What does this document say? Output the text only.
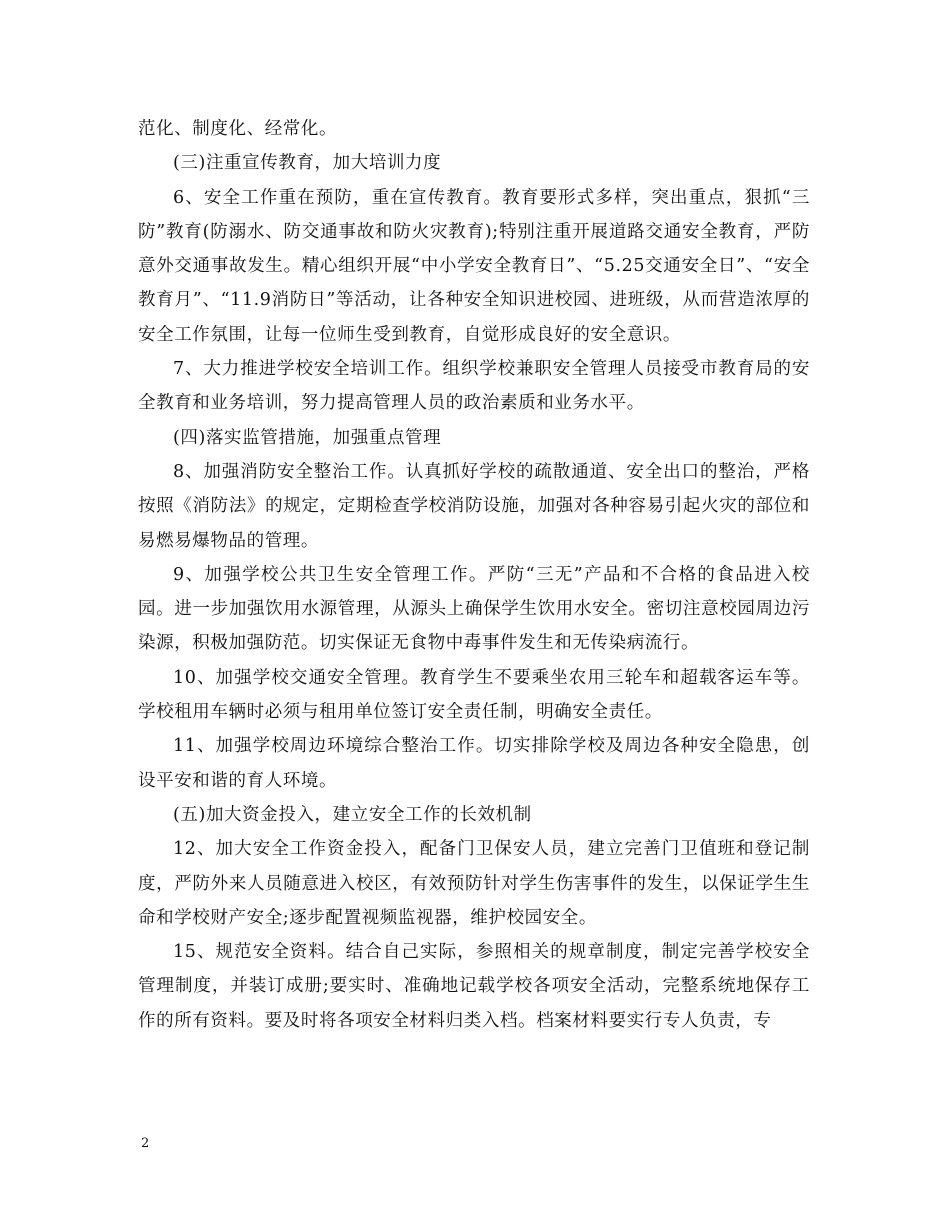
范化、制度化、经常化。

(三)注重宣传教育，加大培训力度

6、安全工作重在预防，重在宣传教育。教育要形式多样，突出重点，狠抓“三防”教育(防溺水、防交通事故和防火灾教育);特别注重开展道路交通安全教育，严防意外交通事故发生。精心组织开展“中小学安全教育日”、“5.25交通安全日”、“安全教育月”、“11.9消防日”等活动，让各种安全知识进校园、进班级，从而营造浓厚的安全工作氛围，让每一位师生受到教育，自觉形成良好的安全意识。

7、大力推进学校安全培训工作。组织学校兼职安全管理人员接受市教育局的安全教育和业务培训，努力提高管理人员的政治素质和业务水平。

(四)落实监管措施，加强重点管理

8、加强消防安全整治工作。认真抓好学校的疏散通道、安全出口的整治，严格按照《消防法》的规定，定期检查学校消防设施，加强对各种容易引起火灾的部位和易燃易爆物品的管理。

9、加强学校公共卫生安全管理工作。严防“三无”产品和不合格的食品进入校园。进一步加强饮用水源管理，从源头上确保学生饮用水安全。密切注意校园周边污染源，积极加强防范。切实保证无食物中毒事件发生和无传染病流行。

10、加强学校交通安全管理。教育学生不要乘坐农用三轮车和超载客运车等。学校租用车辆时必须与租用单位签订安全责任制，明确安全责任。

11、加强学校周边环境综合整治工作。切实排除学校及周边各种安全隐患，创设平安和谐的育人环境。

(五)加大资金投入，建立安全工作的长效机制

12、加大安全工作资金投入，配备门卫保安人员，建立完善门卫值班和登记制度，严防外来人员随意进入校区，有效预防针对学生伤害事件的发生，以保证学生生命和学校财产安全;逐步配置视频监视器，维护校园安全。

15、规范安全资料。结合自己实际，参照相关的规章制度，制定完善学校安全管理制度，并装订成册;要实时、准确地记载学校各项安全活动，完整系统地保存工作的所有资料。要及时将各项安全材料归类入档。档案材料要实行专人负责，专

2
